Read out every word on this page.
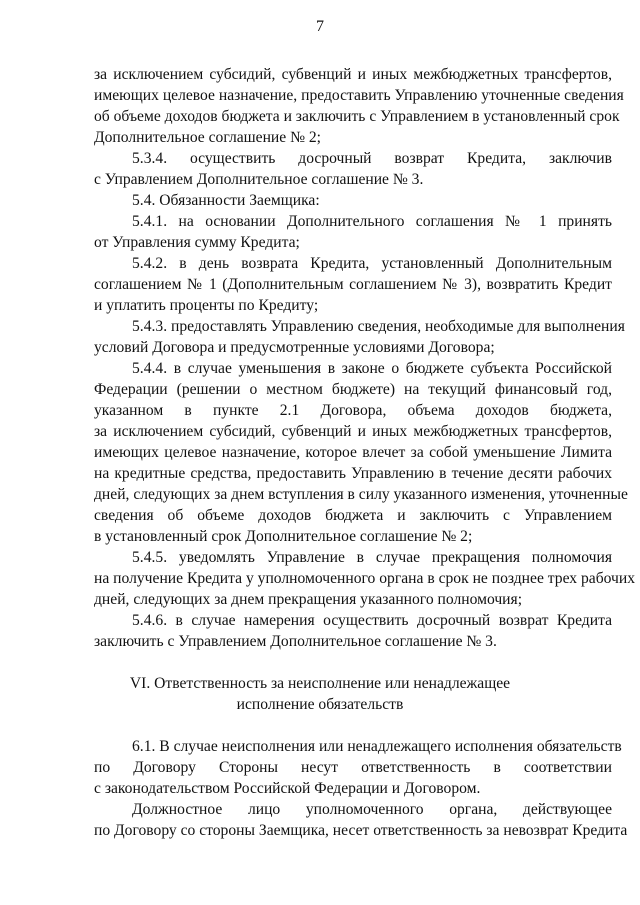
7
за исключением субсидий, субвенций и иных межбюджетных трансфертов,
имеющих целевое назначение, предоставить Управлению уточненные сведения
об объеме доходов бюджета и заключить с Управлением в установленный срок
Дополнительное соглашение № 2;
5.3.4. осуществить досрочный возврат Кредита, заключив
с Управлением Дополнительное соглашение № 3.
5.4. Обязанности Заемщика:
5.4.1. на основании Дополнительного соглашения № 1 принять
от Управления сумму Кредита;
5.4.2. в день возврата Кредита, установленный Дополнительным
соглашением № 1 (Дополнительным соглашением № 3), возвратить Кредит
и уплатить проценты по Кредиту;
5.4.3. предоставлять Управлению сведения, необходимые для выполнения
условий Договора и предусмотренные условиями Договора;
5.4.4. в случае уменьшения в законе о бюджете субъекта Российской
Федерации (решении о местном бюджете) на текущий финансовый год,
указанном в пункте 2.1 Договора, объема доходов бюджета,
за исключением субсидий, субвенций и иных межбюджетных трансфертов,
имеющих целевое назначение, которое влечет за собой уменьшение Лимита
на кредитные средства, предоставить Управлению в течение десяти рабочих
дней, следующих за днем вступления в силу указанного изменения, уточненные
сведения об объеме доходов бюджета и заключить с Управлением
в установленный срок Дополнительное соглашение № 2;
5.4.5. уведомлять Управление в случае прекращения полномочия
на получение Кредита у уполномоченного органа в срок не позднее трех рабочих
дней, следующих за днем прекращения указанного полномочия;
5.4.6. в случае намерения осуществить досрочный возврат Кредита
заключить с Управлением Дополнительное соглашение № 3.
VI. Ответственность за неисполнение или ненадлежащее
исполнение обязательств
6.1. В случае неисполнения или ненадлежащего исполнения обязательств
по Договору Стороны несут ответственность в соответствии
с законодательством Российской Федерации и Договором.
Должностное лицо уполномоченного органа, действующее
по Договору со стороны Заемщика, несет ответственность за невозврат Кредита
